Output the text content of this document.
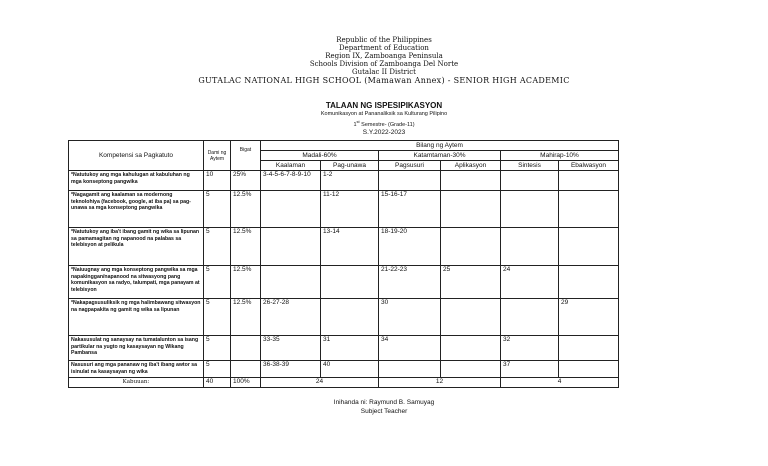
Republic of the Philippines
Department of Education
Region IX, Zamboanga Peninsula
Schools Division of Zamboanga Del Norte
Gutalac II District
GUTALAC NATIONAL HIGH SCHOOL (Mamawan Annex) - SENIOR HIGH ACADEMIC
TALAAN NG ISPESIPIKASYON
Komunikasyon at Pananaliksik sa Kulturang Pilipino
1st Semestre- (Grade-11)
S.Y.2022-2023
Kompetensi sa Pagkatuto	Dami ng Aytem	Bigat	Bilang ng Aytem					
			Madali-60%		Katamtaman-30%		Mahirap-10%	
			Kaalaman	Pag-unawa	Pagsusuri	Aplikasyon	Sintesis	Ebalwasyon
*Natutukoy ang mga kahulugan at kabuluhan ng mga konseptong pangwika	10	25%	3-4-5-6-7-8-9-10	1-2				
*Nagagamit ang kaalaman sa modernong teknolohiya (facebook, google, at iba pa) sa pag-unawa sa mga konseptong pangwika	5	12.5%		11-12	15-16-17			
*Natutukoy ang iba't ibang gamit ng wika sa lipunan sa pamamagitan ng napanood na palabas sa telebisyon at pelikula	5	12.5%		13-14	18-19-20			
*Naiuugnay ang mga konseptong pangwika sa mga napakinggan/napanood na sitwasyong pang komunikasyon sa radyo, talumpati, mga panayam at telebisyon	5	12.5%			21-22-23	25	24	
*Nakapagsusuliksik ng mga halimbawang sitwasyon na nagpapakita ng gamit ng wika sa lipunan	5	12.5%	26-27-28		30			29
Nakasusulat ng sanaysay na tumatalunton sa isang partikular na yugto ng kasaysayan ng Wikang Pambansa	5		33-35	31	34		32	
Nasusuri ang mga pananaw ng iba't ibang awtor sa isinulat na kasaysayan ng wika	5		36-38-39	40			37	
Kabuuan:	40	100%	24		12		4	
Inihanda ni: Raymund B. Samuyag
Subject Teacher
